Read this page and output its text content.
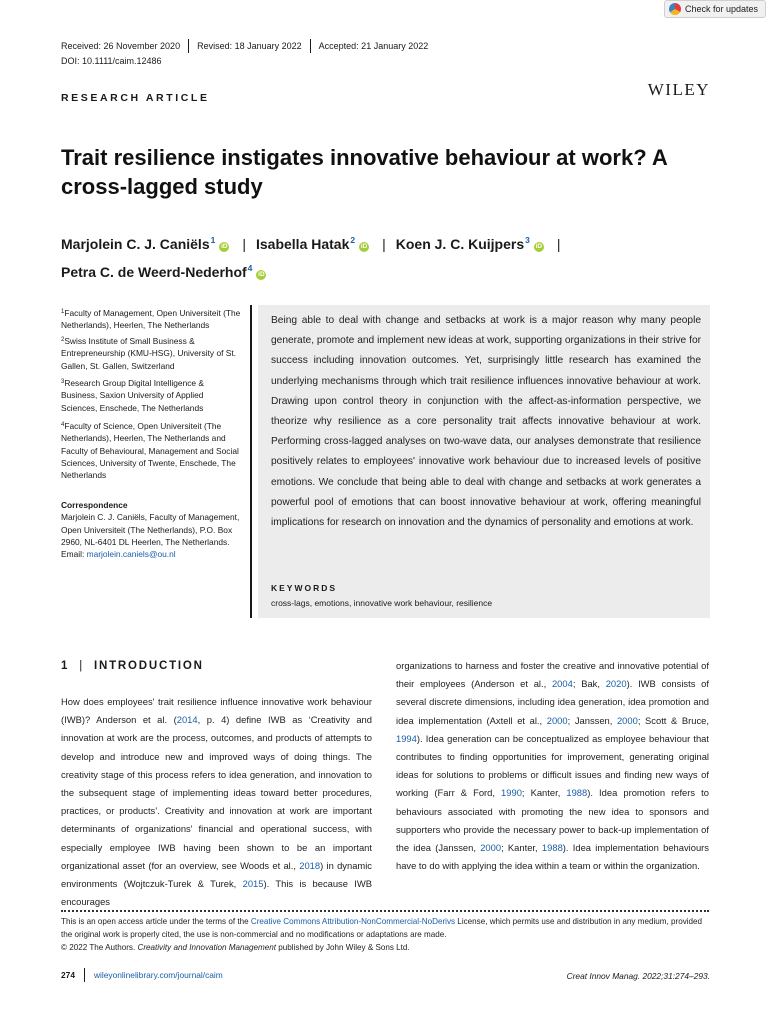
Check for updates
Received: 26 November 2020 Revised: 18 January 2022 Accepted: 21 January 2022
DOI: 10.1111/caim.12486
RESEARCH ARTICLE	WILEY
Trait resilience instigates innovative behaviour at work? A cross-lagged study
Marjolein C. J. Caniëls$^1$iD | Isabella Hatak$^2$iD | Koen J. C. Kuijpers$^3$iD |
Petra C. de Weerd-Nederhof$^4$iD
$^1$Faculty of Management, Open Universiteit (The Netherlands), Heerlen, The Netherlands
$^2$Swiss Institute of Small Business & Entrepreneurship (KMU-HSG), University of St. Gallen, St. Gallen, Switzerland
$^3$Research Group Digital Intelligence & Business, Saxion University of Applied Sciences, Enschede, The Netherlands
$^4$Faculty of Science, Open Universiteit (The Netherlands), Heerlen, The Netherlands and Faculty of Behavioural, Management and Social Sciences, University of Twente, Enschede, The Netherlands
Correspondence
Marjolein C. J. Caniëls, Faculty of Management, Open Universiteit (The Netherlands), P.O. Box 2960, NL-6401 DL Heerlen, The Netherlands.
Email: marjolein.caniels@ou.nl
Being able to deal with change and setbacks at work is a major reason why many people generate, promote and implement new ideas at work, supporting organizations in their strive for success including innovation outcomes. Yet, surprisingly little research has examined the underlying mechanisms through which trait resilience influences innovative behaviour at work. Drawing upon control theory in conjunction with the affect-as-information perspective, we theorize why resilience as a core personality trait affects innovative behaviour at work. Performing cross-lagged analyses on two-wave data, our analyses demonstrate that resilience positively relates to employees' innovative work behaviour due to increased levels of positive emotions. We conclude that being able to deal with change and setbacks at work generates a powerful pool of emotions that can boost innovative behaviour at work, offering meaningful implications for research on innovation and the dynamics of personality and emotions at work.
KEYWORDS
cross-lags, emotions, innovative work behaviour, resilience
1 | INTRODUCTION
How does employees' trait resilience influence innovative work behaviour (IWB)? Anderson et al. (2014, p. 4) define IWB as ‘Creativity and innovation at work are the process, outcomes, and products of attempts to develop and introduce new and improved ways of doing things. The creativity stage of this process refers to idea generation, and innovation to the subsequent stage of implementing ideas toward better procedures, practices, or products’. Creativity and innovation at work are important determinants of organizations' financial and operational success, with especially employee IWB having been shown to be an important organizational asset (for an overview, see Woods et al., 2018) in dynamic environments (Wojtczuk-Turek & Turek, 2015). This is because IWB encourages
organizations to harness and foster the creative and innovative potential of their employees (Anderson et al., 2004; Bak, 2020). IWB consists of several discrete dimensions, including idea generation, idea promotion and idea implementation (Axtell et al., 2000; Janssen, 2000; Scott & Bruce, 1994). Idea generation can be conceptualized as employee behaviour that contributes to finding opportunities for improvement, generating original ideas for solutions to problems or difficult issues and finding new ways of working (Farr & Ford, 1990; Kanter, 1988). Idea promotion refers to behaviours associated with promoting the new idea to sponsors and supporters who provide the necessary power to back-up implementation of the idea (Janssen, 2000; Kanter, 1988). Idea implementation behaviours have to do with applying the idea within a team or within the organization.
This is an open access article under the terms of the Creative Commons Attribution-NonCommercial-NoDerivs License, which permits use and distribution in any medium, provided the original work is properly cited, the use is non-commercial and no modifications or adaptations are made.
© 2022 The Authors. Creativity and Innovation Management published by John Wiley & Sons Ltd.
274 wileyonlinelibrary.com/journal/caim	Creat Innov Manag. 2022;31:274–293.
